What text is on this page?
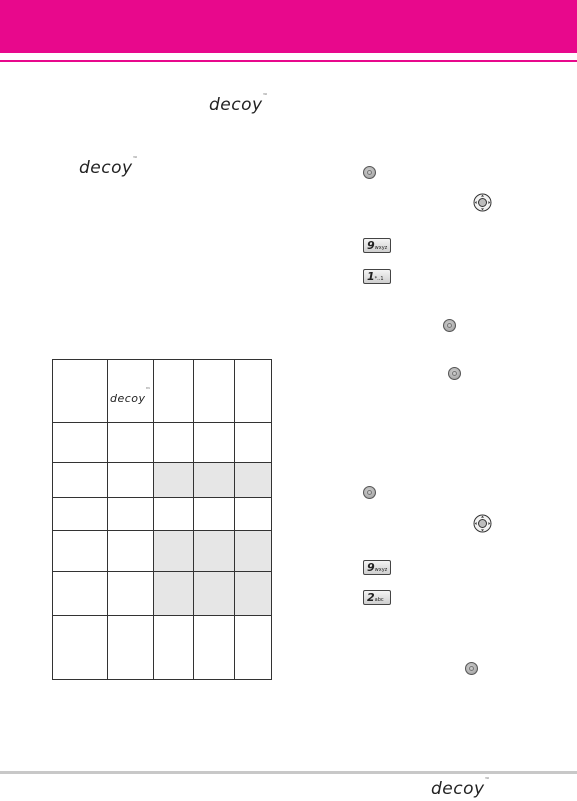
decoy™
decoy™
	$_{decoy^™}$			

9wxyz
1*..1
9wxyz
2abc
decoy™
